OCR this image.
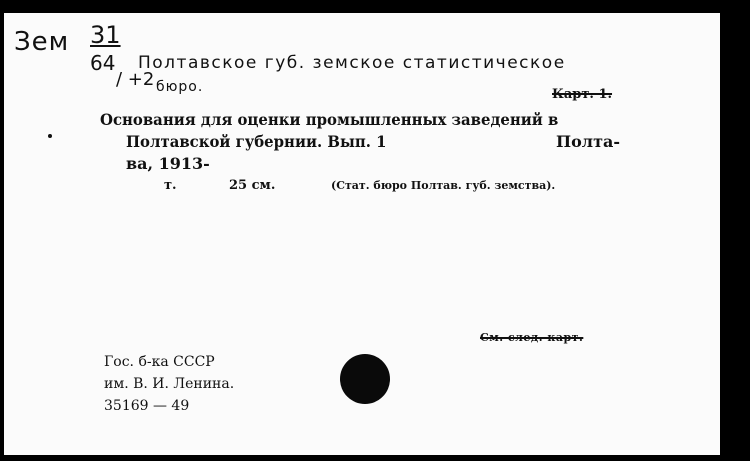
Зем 31
64
/ +2
Полтавское губ. земское статистическое
бюро.	Карт. 1.
Основания для оценки промышленных заведений в
Полтавской губернии. Вып. 1	Полта-
ва, 1913-
т.	25 см.	(Стат. бюро Полтав. губ. земства).
См. след. карт.
Гос. б-ка СССР
им. В. И. Ленина.
35169 — 49
